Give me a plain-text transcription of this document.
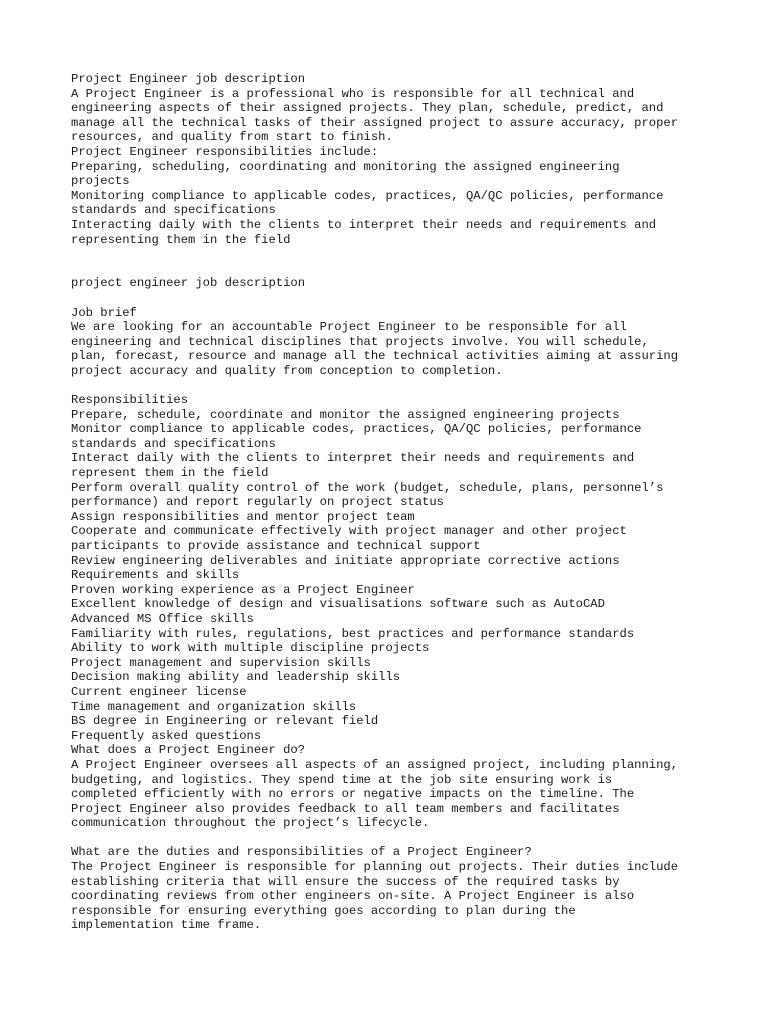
Project Engineer job description
A Project Engineer is a professional who is responsible for all technical and
engineering aspects of their assigned projects. They plan, schedule, predict, and
manage all the technical tasks of their assigned project to assure accuracy, proper
resources, and quality from start to finish.
Project Engineer responsibilities include:
Preparing, scheduling, coordinating and monitoring the assigned engineering
projects
Monitoring compliance to applicable codes, practices, QA/QC policies, performance
standards and specifications
Interacting daily with the clients to interpret their needs and requirements and
representing them in the field
project engineer job description
Job brief
We are looking for an accountable Project Engineer to be responsible for all
engineering and technical disciplines that projects involve. You will schedule,
plan, forecast, resource and manage all the technical activities aiming at assuring
project accuracy and quality from conception to completion.
Responsibilities
Prepare, schedule, coordinate and monitor the assigned engineering projects
Monitor compliance to applicable codes, practices, QA/QC policies, performance
standards and specifications
Interact daily with the clients to interpret their needs and requirements and
represent them in the field
Perform overall quality control of the work (budget, schedule, plans, personnel’s
performance) and report regularly on project status
Assign responsibilities and mentor project team
Cooperate and communicate effectively with project manager and other project
participants to provide assistance and technical support
Review engineering deliverables and initiate appropriate corrective actions
Requirements and skills
Proven working experience as a Project Engineer
Excellent knowledge of design and visualisations software such as AutoCAD
Advanced MS Office skills
Familiarity with rules, regulations, best practices and performance standards
Ability to work with multiple discipline projects
Project management and supervision skills
Decision making ability and leadership skills
Current engineer license
Time management and organization skills
BS degree in Engineering or relevant field
Frequently asked questions
What does a Project Engineer do?
A Project Engineer oversees all aspects of an assigned project, including planning,
budgeting, and logistics. They spend time at the job site ensuring work is
completed efficiently with no errors or negative impacts on the timeline. The
Project Engineer also provides feedback to all team members and facilitates
communication throughout the project’s lifecycle.
What are the duties and responsibilities of a Project Engineer?
The Project Engineer is responsible for planning out projects. Their duties include
establishing criteria that will ensure the success of the required tasks by
coordinating reviews from other engineers on-site. A Project Engineer is also
responsible for ensuring everything goes according to plan during the
implementation time frame.
